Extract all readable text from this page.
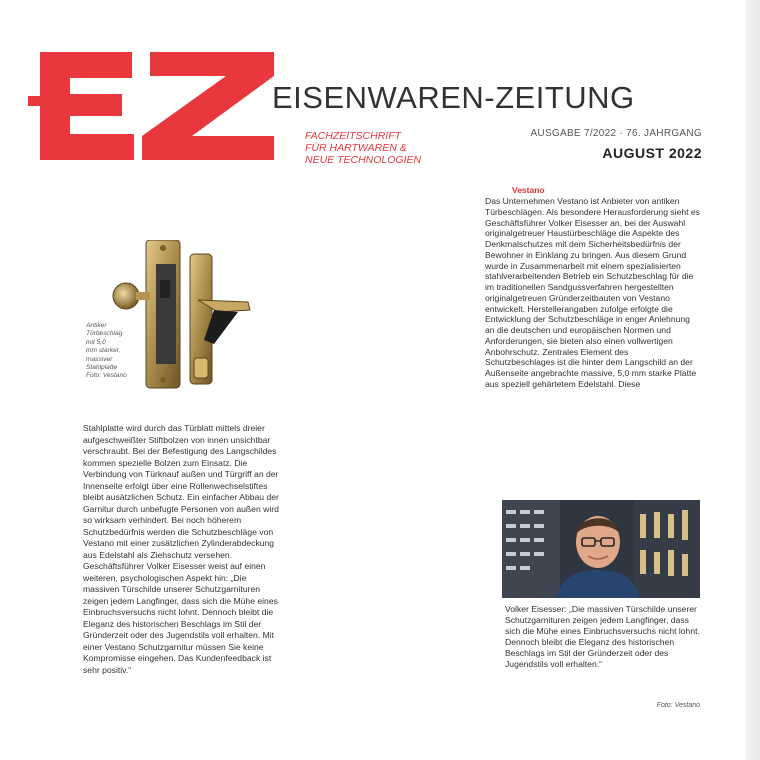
EISENWAREN-ZEITUNG
FACHZEITSCHRIFT
FÜR HARTWAREN &
NEUE TECHNOLOGIEN
AUSGABE 7/2022 · 76. JAHRGANG
AUGUST 2022
Vestano

Das Unternehmen Vestano ist Anbieter von antiken Türbeschlägen. Als besondere Herausforderung sieht es Geschäftsführer Volker Eisesser an, bei der Auswahl originalgetreuer Haustürbeschläge die Aspekte des Denkmalschutzes mit dem Sicherheitsbedürfnis der Bewohner in Einklang zu bringen. Aus diesem Grund wurde in Zusammenarbeit mit einem spezialisierten stahlverarbeitenden Betrieb ein Schutzbeschlag für die im traditionellen Sandgussverfahren hergestellten originalgetreuen Gründerzeitbauten von Vestano entwickelt. Herstellerangaben zufolge erfolgte die Entwicklung der Schutzbeschläge in enger Anlehnung an die deutschen und europäischen Normen und Anforderungen, sie bieten also einen vollwertigen Anbohrschutz. Zentrales Element des Schutzbeschlages ist die hinter dem Langschild an der Außenseite angebrachte massive, 5,0 mm starke Platte aus speziell gehärtetem Edelstahl. Diese

Antiker
Türbeschlag
mit 5,0
mm starker,
massiver
Stahlplatte
Foto: Vestano

Stahlplatte wird durch das Türblatt mittels dreier aufgeschweißter Stiftbolzen von innen unsichtbar verschraubt. Bei der Befestigung des Langschildes kommen spezielle Bolzen zum Einsatz. Die Verbindung von Türknauf außen und Türgriff an der Innenseite erfolgt über eine Rollenwechselstiftes bleibt ausätzlichen Schutz. Ein einfacher Abbau der Garnitur durch unbefugte Personen von außen wird so wirksam verhindert. Bei noch höherem Schutzbedürfnis werden die Schutzbeschläge von Vestano mit einer zusätzlichen Zylinderabdeckung aus Edelstahl als Ziehschutz versehen. Geschäftsführer Volker Eisesser weist auf einen weiteren, psychologischen Aspekt hin: „Die massiven Türschilde unserer Schutzgarnituren zeigen jedem Langfinger, dass sich die Mühe eines Einbruchsversuchs nicht lohnt. Dennoch bleibt die Eleganz des historischen Beschlags im Stil der Gründerzeit oder des Jugendstils voll erhalten. Mit einer Vestano Schutzgarnitur müssen Sie keine Kompromisse eingehen. Das Kundenfeedback ist sehr positiv.“

Volker Eisesser: „Die massiven Türschilde unserer Schutzgarnituren zeigen jedem Langfinger, dass sich die Mühe eines Einbruchsversuchs nicht lohnt. Dennoch bleibt die Eleganz des historischen Beschlags im Stil der Gründerzeit oder des Jugendstils voll erhalten.“

Foto: Vestano
